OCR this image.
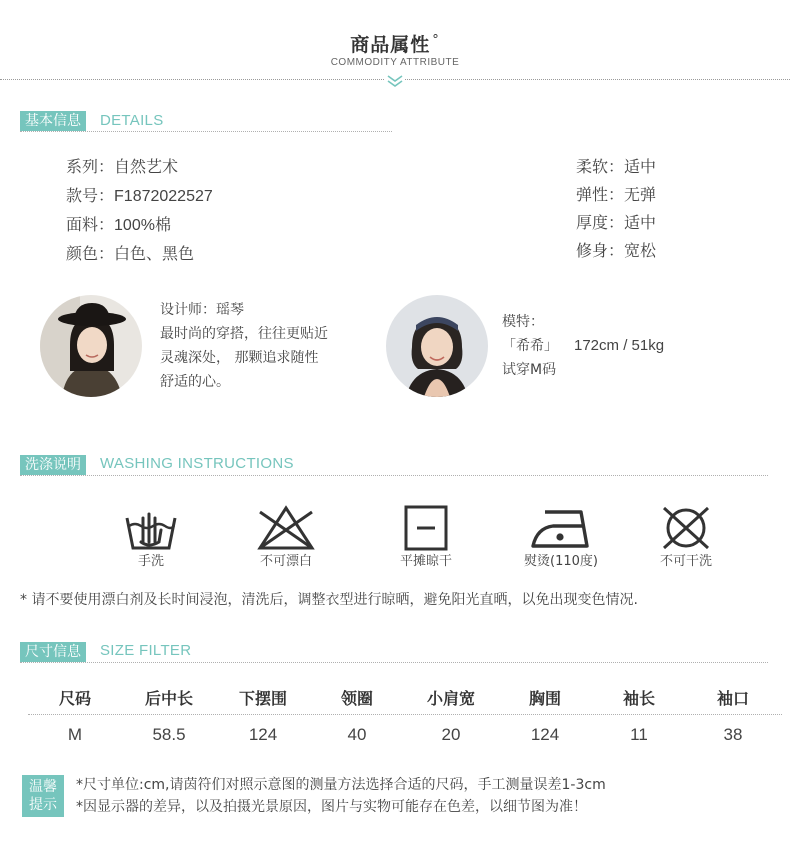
商品属性 °
COMMODITY ATTRIBUTE
基本信息	DETAILS
系列：自然艺术
款号：F1872022527
面料：100%棉
颜色：白色、黑色
柔软：适中
弹性：无弹
厚度：适中
修身：宽松
设计师：瑶琴
最时尚的穿搭，往往更贴近
灵魂深处， 那颗追求随性
舒适的心。
模特：
「希希」 172cm / 51kg
试穿M码
洗涤说明	WASHING INSTRUCTIONS
手洗	不可漂白	平摊晾干	熨烫(110度)	不可干洗
* 请不要使用漂白剂及长时间浸泡，清洗后，调整衣型进行晾晒，避免阳光直晒，以免出现变色情况.
尺寸信息	SIZE FILTER
尺码	后中长	下摆围	领圈	小肩宽	胸围	袖长	袖口
M	58.5	124	40	20	124	11	38
温馨
提示
*尺寸单位:cm,请茵符们对照示意图的测量方法选择合适的尺码，手工测量误差1-3cm
*因显示器的差异，以及拍摄光景原因，图片与实物可能存在色差，以细节图为准！
